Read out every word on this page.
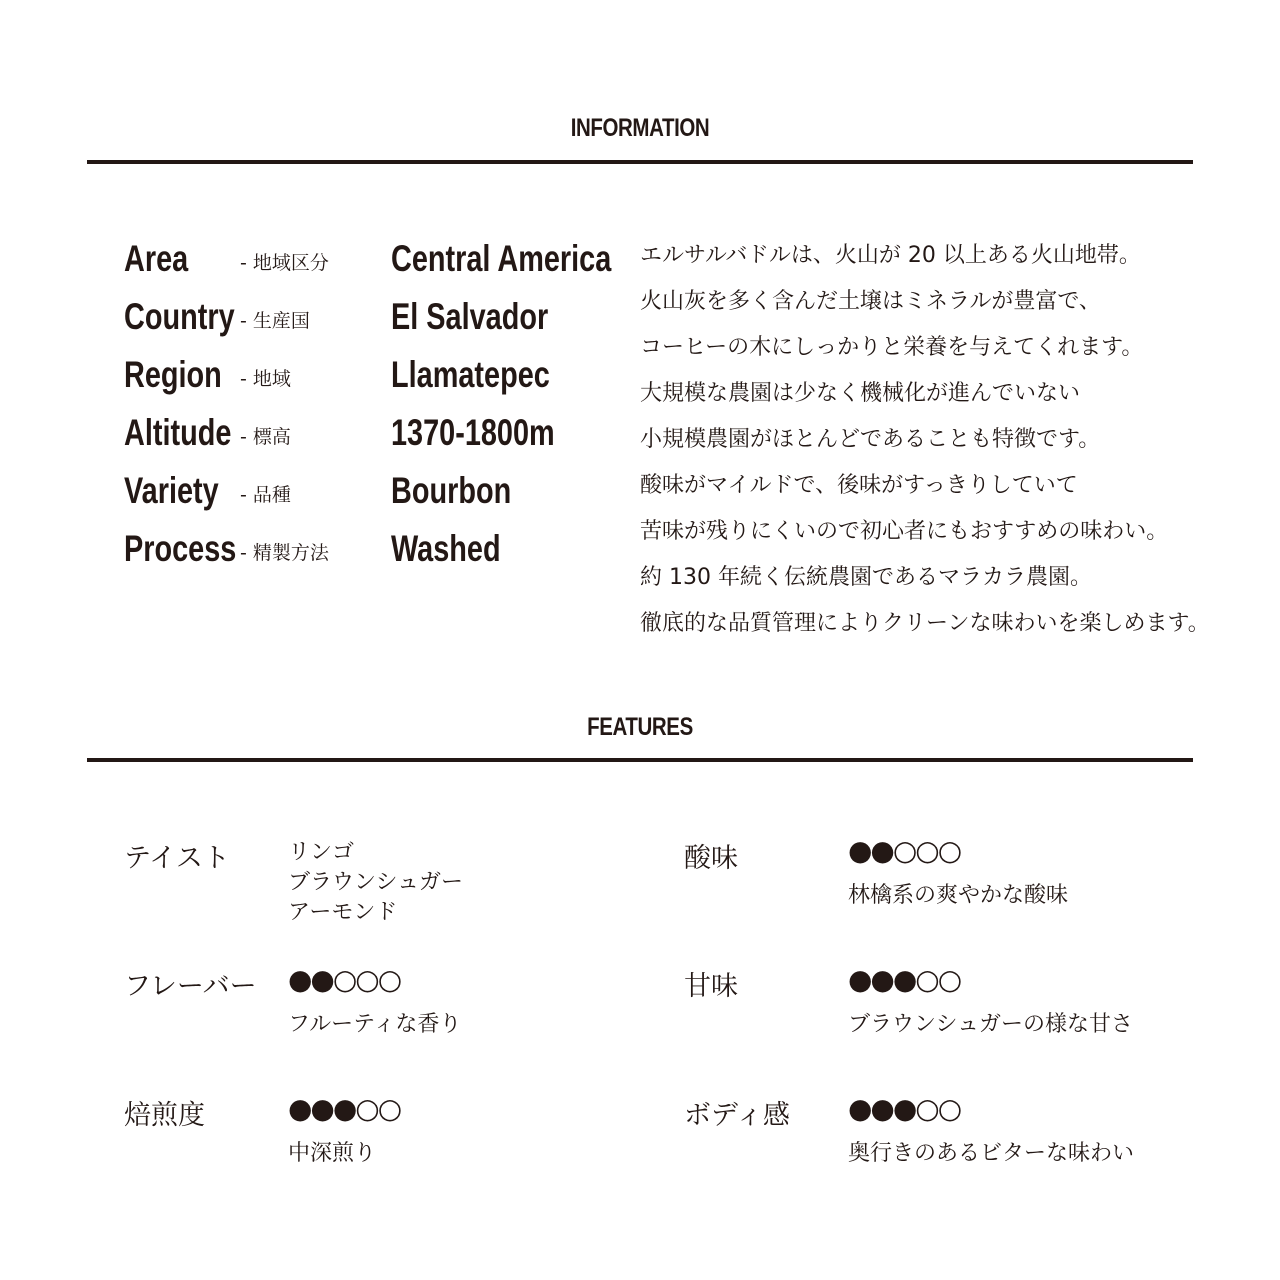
INFORMATION
Area	- 地域区分 Central America
Country - 生産国 El Salvador
Region - 地域	Llamatepec
Altitude - 標高	1370-1800m
Variety - 品種	Bourbon
Process - 精製方法 Washed
エルサルバドルは、火山が 20 以上ある火山地帯。
火山灰を多く含んだ土壌はミネラルが豊富で、
コーヒーの木にしっかりと栄養を与えてくれます。
大規模な農園は少なく機械化が進んでいない
小規模農園がほとんどであることも特徴です。
酸味がマイルドで、後味がすっきりしていて
苦味が残りにくいので初心者にもおすすめの味わい。
約 130 年続く伝統農園であるマラカラ農園。
徹底的な品質管理によりクリーンな味わいを楽しめます。
FEATURES
テイスト	リンゴ
ブラウンシュガー
アーモンド
フレーバー ●●○○○
フルーティな香り
焙煎度	●●●○○
中深煎り
酸味	●●○○○
林檎系の爽やかな酸味
甘味	●●●○○
ブラウンシュガーの様な甘さ
ボディ感 ●●●○○
奥行きのあるビターな味わい
